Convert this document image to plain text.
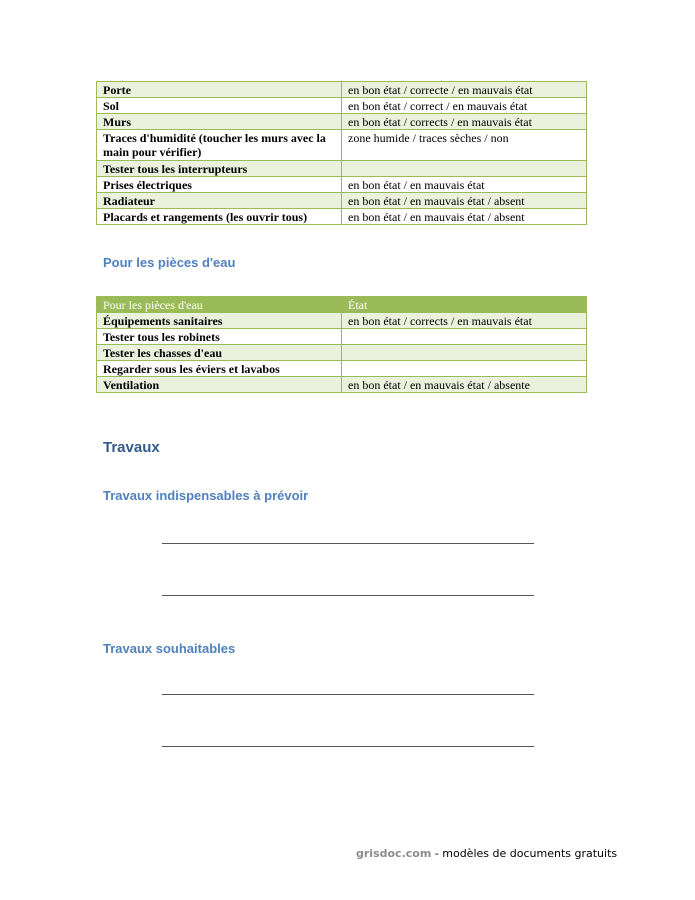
Porte	en bon état / correcte / en mauvais état
Sol	en bon état / correct / en mauvais état
Murs	en bon état / corrects / en mauvais état
Traces d'humidité (toucher les murs avec la main pour vérifier)	zone humide / traces sèches / non
Tester tous les interrupteurs	
Prises électriques	en bon état / en mauvais état
Radiateur	en bon état / en mauvais état / absent
Placards et rangements (les ouvrir tous)	en bon état / en mauvais état / absent
Pour les pièces d'eau
Pour les pièces d'eau	État
Équipements sanitaires	en bon état / corrects / en mauvais état
Tester tous les robinets	
Tester les chasses d'eau	
Regarder sous les éviers et lavabos	
Ventilation	en bon état / en mauvais état / absente
Travaux
Travaux indispensables à prévoir
Travaux souhaitables
grisdoc.com - modèles de documents gratuits
